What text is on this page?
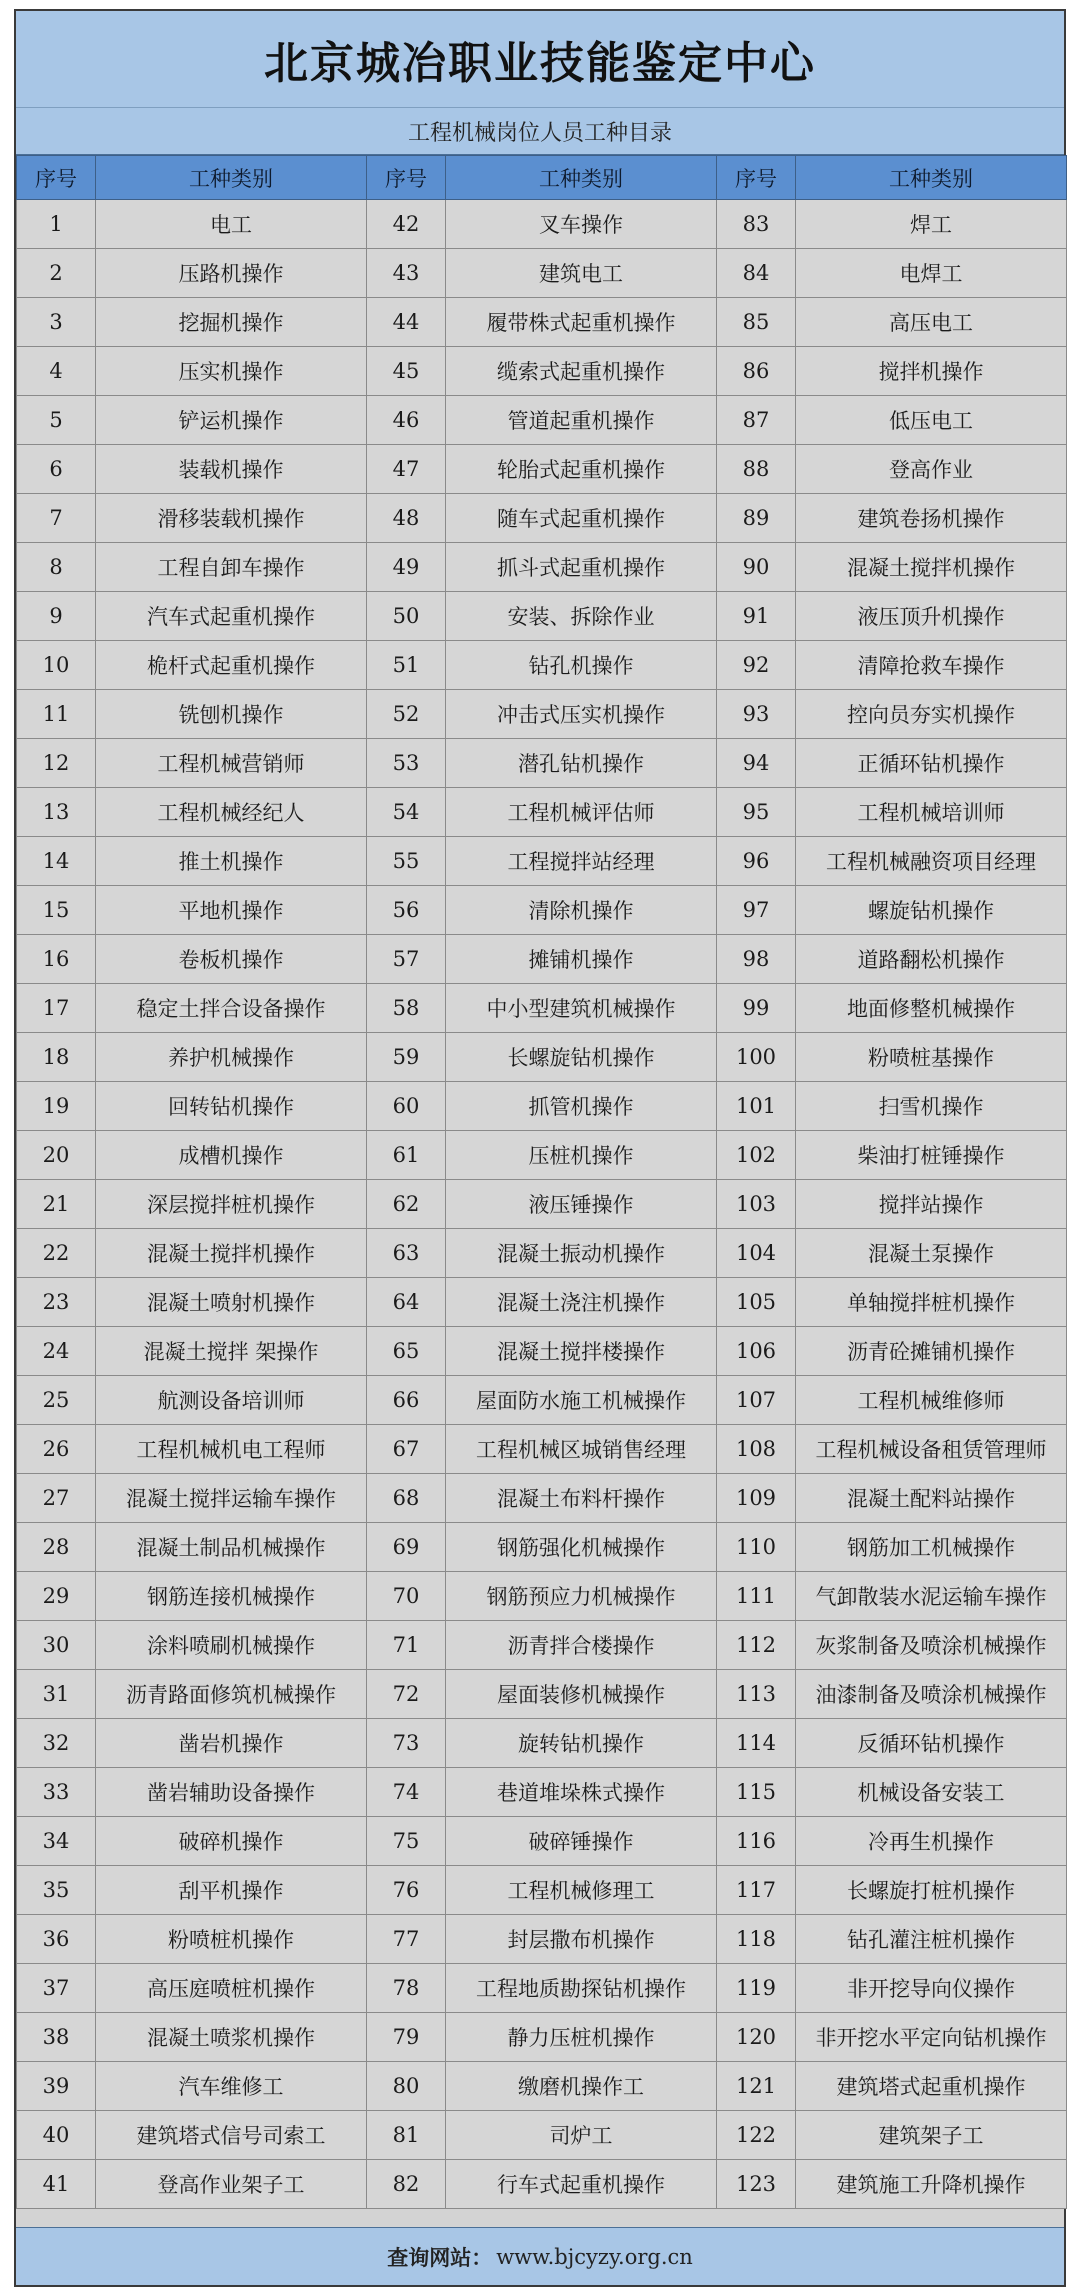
北京城冶职业技能鉴定中心
工程机械岗位人员工种目录
序号	工种类别	序号	工种类别	序号	工种类别
1	电工	42	叉车操作	83	焊工
2	压路机操作	43	建筑电工	84	电焊工
3	挖掘机操作	44	履带株式起重机操作	85	高压电工
4	压实机操作	45	缆索式起重机操作	86	搅拌机操作
5	铲运机操作	46	管道起重机操作	87	低压电工
6	装载机操作	47	轮胎式起重机操作	88	登高作业
7	滑移装载机操作	48	随车式起重机操作	89	建筑卷扬机操作
8	工程自卸车操作	49	抓斗式起重机操作	90	混凝土搅拌机操作
9	汽车式起重机操作	50	安装、拆除作业	91	液压顶升机操作
10	桅杆式起重机操作	51	钻孔机操作	92	清障抢救车操作
11	铣刨机操作	52	冲击式压实机操作	93	控向员夯实机操作
12	工程机械营销师	53	潜孔钻机操作	94	正循环钻机操作
13	工程机械经纪人	54	工程机械评估师	95	工程机械培训师
14	推土机操作	55	工程搅拌站经理	96	工程机械融资项目经理
15	平地机操作	56	清除机操作	97	螺旋钻机操作
16	卷板机操作	57	摊铺机操作	98	道路翻松机操作
17	稳定土拌合设备操作	58	中小型建筑机械操作	99	地面修整机械操作
18	养护机械操作	59	长螺旋钻机操作	100	粉喷桩基操作
19	回转钻机操作	60	抓管机操作	101	扫雪机操作
20	成槽机操作	61	压桩机操作	102	柴油打桩锤操作
21	深层搅拌桩机操作	62	液压锤操作	103	搅拌站操作
22	混凝土搅拌机操作	63	混凝土振动机操作	104	混凝土泵操作
23	混凝土喷射机操作	64	混凝土浇注机操作	105	单轴搅拌桩机操作
24	混凝土搅拌 架操作	65	混凝土搅拌楼操作	106	沥青砼摊铺机操作
25	航测设备培训师	66	屋面防水施工机械操作	107	工程机械维修师
26	工程机械机电工程师	67	工程机械区城销售经理	108	工程机械设备租赁管理师
27	混凝土搅拌运输车操作	68	混凝土布料杆操作	109	混凝土配料站操作
28	混凝土制品机械操作	69	钢筋强化机械操作	110	钢筋加工机械操作
29	钢筋连接机械操作	70	钢筋预应力机械操作	111	气卸散装水泥运输车操作
30	涂料喷刷机械操作	71	沥青拌合楼操作	112	灰浆制备及喷涂机械操作
31	沥青路面修筑机械操作	72	屋面装修机械操作	113	油漆制备及喷涂机械操作
32	凿岩机操作	73	旋转钻机操作	114	反循环钻机操作
33	凿岩辅助设备操作	74	巷道堆垛株式操作	115	机械设备安装工
34	破碎机操作	75	破碎锤操作	116	冷再生机操作
35	刮平机操作	76	工程机械修理工	117	长螺旋打桩机操作
36	粉喷桩机操作	77	封层撒布机操作	118	钻孔灌注桩机操作
37	高压庭喷桩机操作	78	工程地质勘探钻机操作	119	非开挖导向仪操作
38	混凝土喷浆机操作	79	静力压桩机操作	120	非开挖水平定向钻机操作
39	汽车维修工	80	缴磨机操作工	121	建筑塔式起重机操作
40	建筑塔式信号司索工	81	司炉工	122	建筑架子工
41	登高作业架子工	82	行车式起重机操作	123	建筑施工升降机操作
查询网站： www.bjcyzy.org.cn
